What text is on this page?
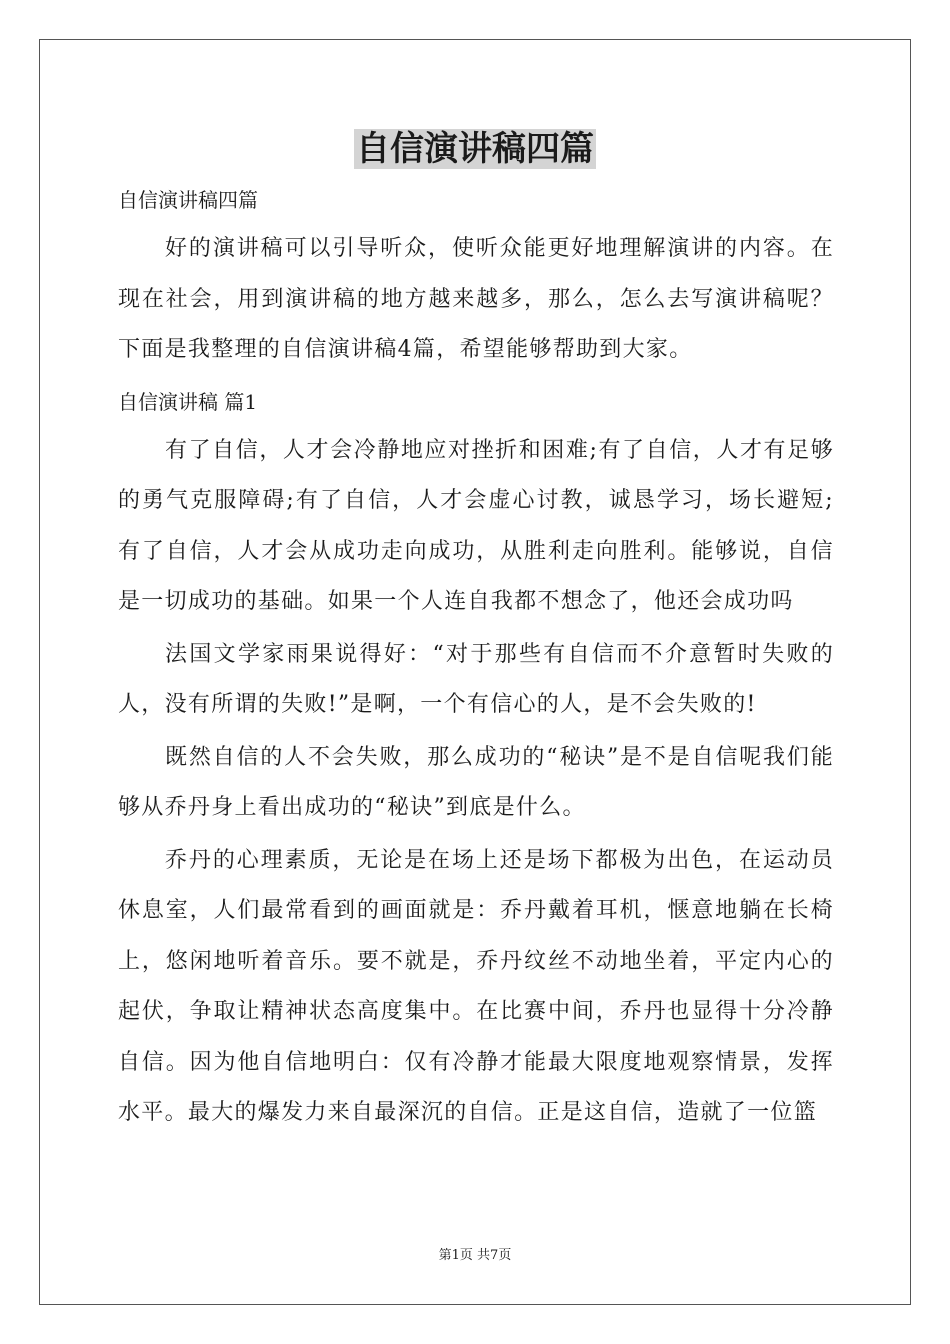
自信演讲稿四篇

自信演讲稿四篇

好的演讲稿可以引导听众，使听众能更好地理解演讲的内容。在现在社会，用到演讲稿的地方越来越多，那么，怎么去写演讲稿呢？下面是我整理的自信演讲稿4篇，希望能够帮助到大家。

自信演讲稿 篇1

有了自信，人才会冷静地应对挫折和困难;有了自信，人才有足够的勇气克服障碍;有了自信，人才会虚心讨教，诚恳学习，场长避短;有了自信，人才会从成功走向成功，从胜利走向胜利。能够说，自信是一切成功的基础。如果一个人连自我都不想念了，他还会成功吗

法国文学家雨果说得好：“对于那些有自信而不介意暂时失败的人，没有所谓的失败!”是啊，一个有信心的人，是不会失败的!

既然自信的人不会失败，那么成功的“秘诀”是不是自信呢我们能够从乔丹身上看出成功的“秘诀”到底是什么。

乔丹的心理素质，无论是在场上还是场下都极为出色，在运动员休息室，人们最常看到的画面就是：乔丹戴着耳机，惬意地躺在长椅上，悠闲地听着音乐。要不就是，乔丹纹丝不动地坐着，平定内心的起伏，争取让精神状态高度集中。在比赛中间，乔丹也显得十分冷静自信。因为他自信地明白：仅有冷静才能最大限度地观察情景，发挥水平。最大的爆发力来自最深沉的自信。正是这自信，造就了一位篮

第1页 共7页
